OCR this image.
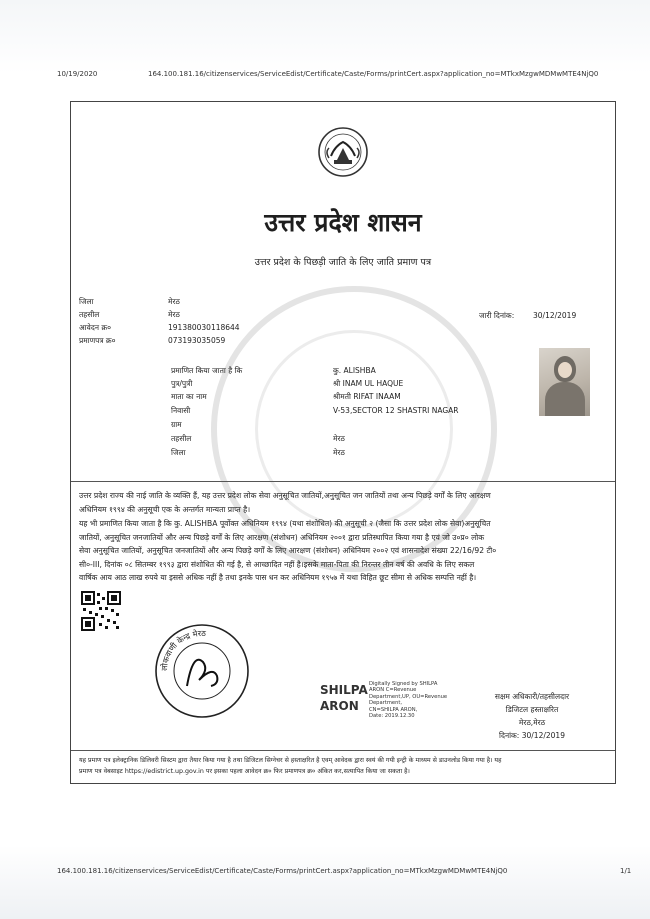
10/19/2020	164.100.181.16/citizenservices/ServiceEdist/Certificate/Caste/Forms/printCert.aspx?application_no=MTkxMzgwMDMwMTE4NjQ0
उत्तर प्रदेश शासन
उत्तर प्रदेश के पिछड़ी जाति के लिए जाति प्रमाण पत्र
जिला	मेरठ
तहसील	मेरठ
आवेदन क्र०	191380030118644
प्रमाणपत्र क्र०	073193035059
जारी दिनांक:	30/12/2019
प्रमाणित किया जाता है कि	कु. ALISHBA
पुत्र/पुत्री	श्री INAM UL HAQUE
माता का नाम	श्रीमती RIFAT INAAM
निवासी	V-53,SECTOR 12 SHASTRI NAGAR
ग्राम
तहसील	मेरठ
जिला	मेरठ
उत्तर प्रदेश राज्य की नाई जाति के व्यक्ति हैं, यह उत्तर प्रदेश लोक सेवा अनुसूचित जातियों,अनुसूचित जन जातियों तथा अन्य पिछड़े वर्गों के लिए आरक्षण
अधिनियम १९९४ की अनुसूची एक के अन्तर्गत मान्यता प्राप्त है।
यह भी प्रमाणित किया जाता है कि कु. ALISHBA पूर्वोक्त अधिनियम १९९४ (यथा संशोधित) की अनुसूची २ (जैसा कि उत्तर प्रदेश लोक सेवा)अनुसूचित
जातियों, अनुसूचित जनजातियों और अन्य पिछड़े वर्गों के लिए आरक्षण (संशोधन) अधिनियम २००१ द्वारा प्रतिस्थापित किया गया है एवं जो उ०प्र० लोक
सेवा अनुसूचित जातियों, अनुसूचित जनजातियों और अन्य पिछड़े वर्गों के लिए आरक्षण (संशोधन) अधिनियम २००२ एवं शासनादेश संख्या 22/16/92 टी०
सी०-III, दिनांक ०८ सितम्बर १९९३ द्वारा संशोधित की गई है, से आच्छादित नहीं है।इसके माता-पिता की निरन्तर तीन वर्ष की अवधि के लिए सकल
वार्षिक आय आठ लाख रुपये या इससे अधिक नहीं है तथा इनके पास धन कर अधिनियम १९५७ में यथा विहित छूट सीमा से अधिक सम्पत्ति नहीं है।
लोकवाणी केन्द्र मेरठ
SHILPA
ARON
Digitally Signed by SHILPA
ARON C=Revenue
Department,UP, OU=Revenue
Department,
CN=SHILPA ARON,
Date: 2019.12.30
सक्षम अधिकारी/तहसीलदार
डिजिटल हस्ताक्षरित
मेरठ,मेरठ
दिनांक: 30/12/2019
यह प्रमाण पत्र इलेक्ट्रानिक डिलिवरी सिस्टम द्वारा तैयार किया गया है तथा डिजिटल सिग्नेचर से हस्ताक्षरित है एवम् आवेदक द्वारा स्वयं की गयी इन्ट्री के माध्यम से डाउनलोड किया गया है। यह
प्रमाण पत्र वेबसाइट https://edistrict.up.gov.in पर इसका पहला आवेदन क्र० फिर प्रमाणपत्र क्र० अंकित कर,सत्यापित किया जा सकता है।
164.100.181.16/citizenservices/ServiceEdist/Certificate/Caste/Forms/printCert.aspx?application_no=MTkxMzgwMDMwMTE4NjQ0	1/1
